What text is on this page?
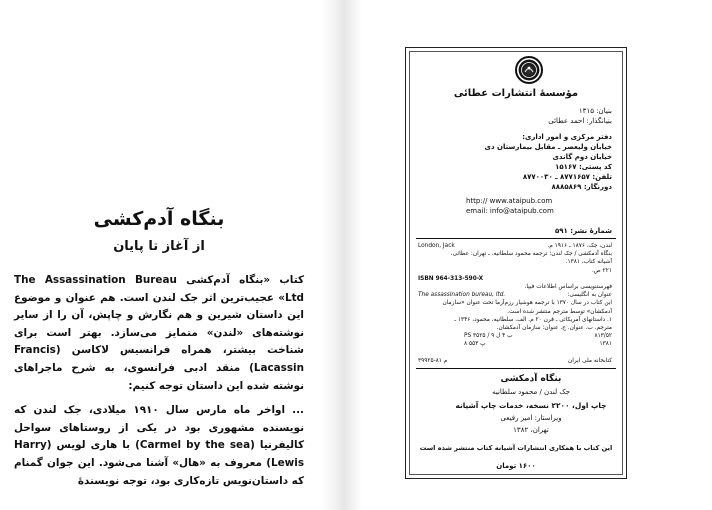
بنگاه آدم‌کشی
از آغاز تا پایان

کتاب «بنگاه آدم‌کشی The Assassination Bureau Ltd» عجیب‌ترین اثر جک لندن است. هم عنوان و موضوع این داستان شیرین و هم نگارش و چاپش، آن را از سایر نوشته‌های «لندن» متمایز می‌سازد. بهتر است برای شناخت بیشتر، همراه فرانسیس لاکاسن (Francis Lacassin) منقد ادبی فرانسوی، به شرح ماجراهای نوشته شده این داستان توجه کنیم:

... اواخر ماه مارس سال ۱۹۱۰ میلادی، جک لندن که نویسنده مشهوری بود در یکی از روستاهای سواحل کالیفرنیا (Carmel by the sea) با هاری لویس (Harry Lewis) معروف به «هال» آشنا می‌شود. این جوان گمنام که داستان‌نویس تازه‌کاری بود، توجه نویسندهٔ

مؤسسهٔ انتشارات عطائی
بنیان: ۱۳۱۵
بنیانگذار: احمد عطائی
دفتر مرکزی و امور اداری:
خیابان ولیعصر ـ مقابل بیمارستان دی
خیابان دوم گاندی
کد پستی: ۱۵۱۶۷
تلفن: ۸۷۷۱۶۵۷ ـ ۸۷۷۰۰۳۰
دورنگار: ۸۸۸۵۸۶۹
http:// www.ataipub.com
email: info@ataipub.com
شمارهٔ نشر: ۵۹۱
لندن، جک، ۱۸۷۶ ـ ۱۹۱۶ م.
بنگاه آدمکشی / جک لندن؛ ترجمه محمود سلطانیه. ـ تهران: عطائی،
آشیانه کتاب، ۱۳۸۱.
۲۲۱ ص.

فهرستنویسی براساس اطلاعات فیپا.
عنوان به انگلیسی:
این کتاب در سال ۱۳۷۰ با ترجمه هوشیار رزم‌آزما تحت عنوان «سازمان
آدمکشان» توسط مترجم منتشر شده است.
۱. داستانهای آمریکائی ـ قرن ۲۰ م. الف. سلطانیه، محمود، ۱۳۴۶ ـ
مترجم. ب. عنوان. ج. عنوان: سازمان آدمکشان.
۸۱۳/۵۲
۱۳۸۱

کتابخانه ملی ایران
London, Jack

ISBN 964-313-590-X

The assassination bureau, ltd.

PS ۳۵۲۵ / ۹ ب ۴ ل
۸ پ ۵۵۳

م ۸۱-۳۹۹۲۵
بنگاه آدمکشی
جک لندن / محمود سلطانیه
چاپ اول، ۲۲۰۰ نسخه، خدمات چاپ آشیانه
ویراستار: امیر رفیعی
تهران، ۱۳۸۲
این کتاب با همکاری انتشارات آشیانه کتاب منتشر شده است
۱۶۰۰ تومان
